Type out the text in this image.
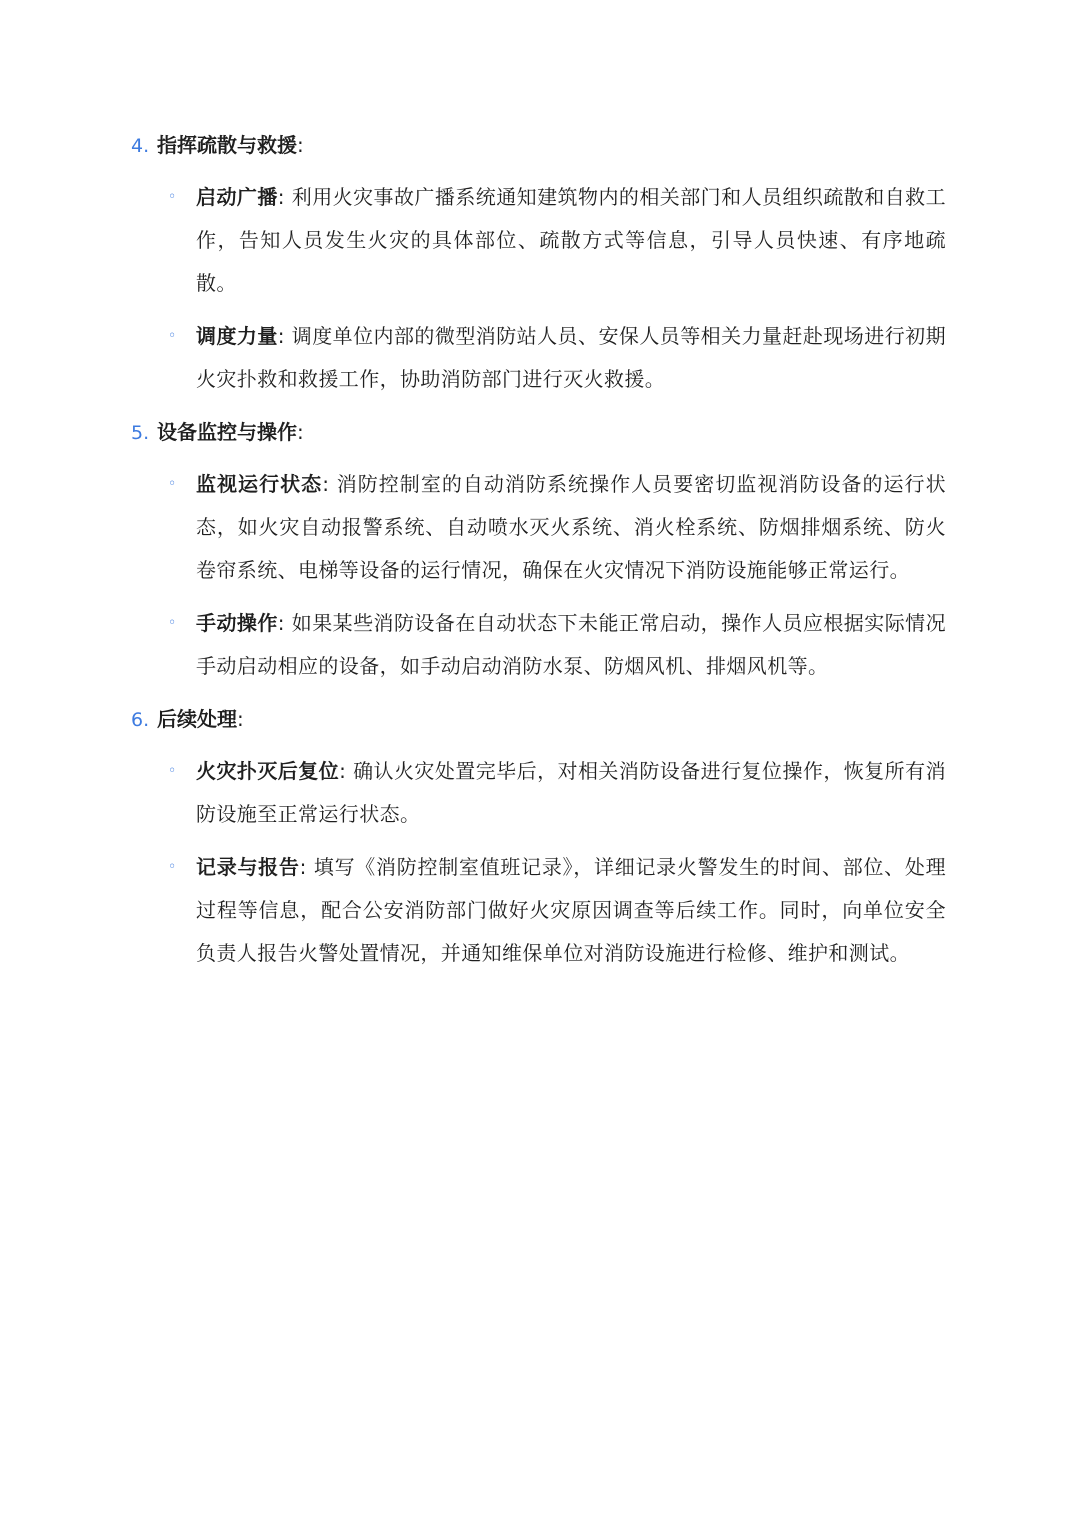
4. 指挥疏散与救援 :
◦ 启动广播: 利用火灾事故广播系统通知建筑物内的相关部门和人员组织疏散和自救工作，告知人员发生火灾的具体部位、疏散方式等信息，引导人员快速、有序地疏散。
◦ 调度力量: 调度单位内部的微型消防站人员、安保人员等相关力量赶赴现场进行初期火灾扑救和救援工作，协助消防部门进行灭火救援。
5. 设备监控与操作 :
◦ 监视运行状态: 消防控制室的自动消防系统操作人员要密切监视消防设备的运行状态，如火灾自动报警系统、自动喷水灭火系统、消火栓系统、防烟排烟系统、防火卷帘系统、电梯等设备的运行情况，确保在火灾情况下消防设施能够正常运行。
◦ 手动操作: 如果某些消防设备在自动状态下未能正常启动，操作人员应根据实际情况手动启动相应的设备，如手动启动消防水泵、防烟风机、排烟风机等。
6. 后续处理 :
◦ 火灾扑灭后复位: 确认火灾处置完毕后，对相关消防设备进行复位操作，恢复所有消防设施至正常运行状态。
◦ 记录与报告: 填写《消防控制室值班记录》，详细记录火警发生的时间、部位、处理过程等信息，配合公安消防部门做好火灾原因调查等后续工作。同时，向单位安全负责人报告火警处置情况，并通知维保单位对消防设施进行检修、维护和测试。
